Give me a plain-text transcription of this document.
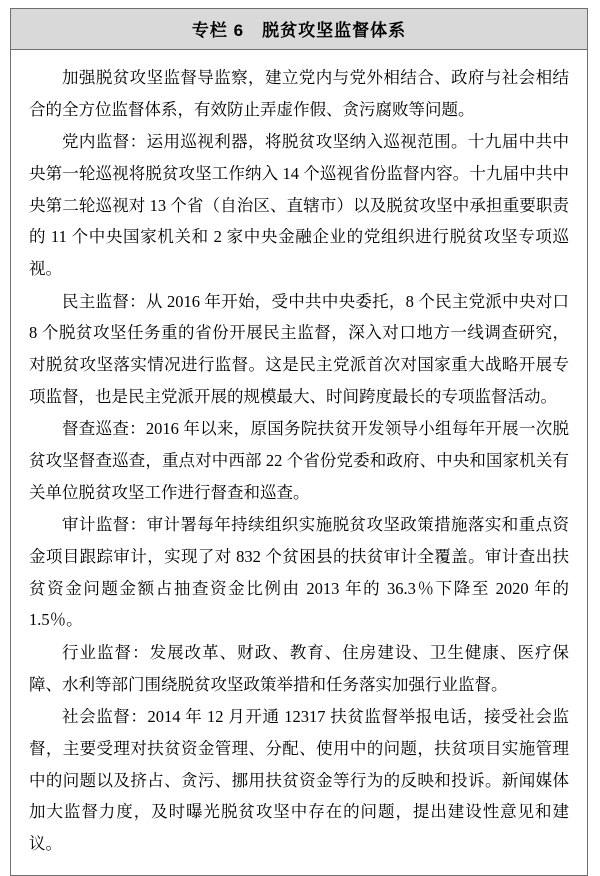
专栏 6　脱贫攻坚监督体系

加强脱贫攻坚监督导监察，建立党内与党外相结合、政府与社会相结合的全方位监督体系，有效防止弄虚作假、贪污腐败等问题。

党内监督：运用巡视利器，将脱贫攻坚纳入巡视范围。十九届中共中央第一轮巡视将脱贫攻坚工作纳入 14 个巡视省份监督内容。十九届中共中央第二轮巡视对 13 个省（自治区、直辖市）以及脱贫攻坚中承担重要职责的 11 个中央国家机关和 2 家中央金融企业的党组织进行脱贫攻坚专项巡视。

民主监督：从 2016 年开始，受中共中央委托，8 个民主党派中央对口 8 个脱贫攻坚任务重的省份开展民主监督，深入对口地方一线调查研究，对脱贫攻坚落实情况进行监督。这是民主党派首次对国家重大战略开展专项监督，也是民主党派开展的规模最大、时间跨度最长的专项监督活动。

督查巡查：2016 年以来，原国务院扶贫开发领导小组每年开展一次脱贫攻坚督查巡查，重点对中西部 22 个省份党委和政府、中央和国家机关有关单位脱贫攻坚工作进行督查和巡查。

审计监督：审计署每年持续组织实施脱贫攻坚政策措施落实和重点资金项目跟踪审计，实现了对 832 个贫困县的扶贫审计全覆盖。审计查出扶贫资金问题金额占抽查资金比例由 2013 年的 36.3％下降至 2020 年的 1.5％。

行业监督：发展改革、财政、教育、住房建设、卫生健康、医疗保障、水利等部门围绕脱贫攻坚政策举措和任务落实加强行业监督。

社会监督：2014 年 12 月开通 12317 扶贫监督举报电话，接受社会监督，主要受理对扶贫资金管理、分配、使用中的问题，扶贫项目实施管理中的问题以及挤占、贪污、挪用扶贫资金等行为的反映和投诉。新闻媒体加大监督力度，及时曝光脱贫攻坚中存在的问题，提出建设性意见和建议。
